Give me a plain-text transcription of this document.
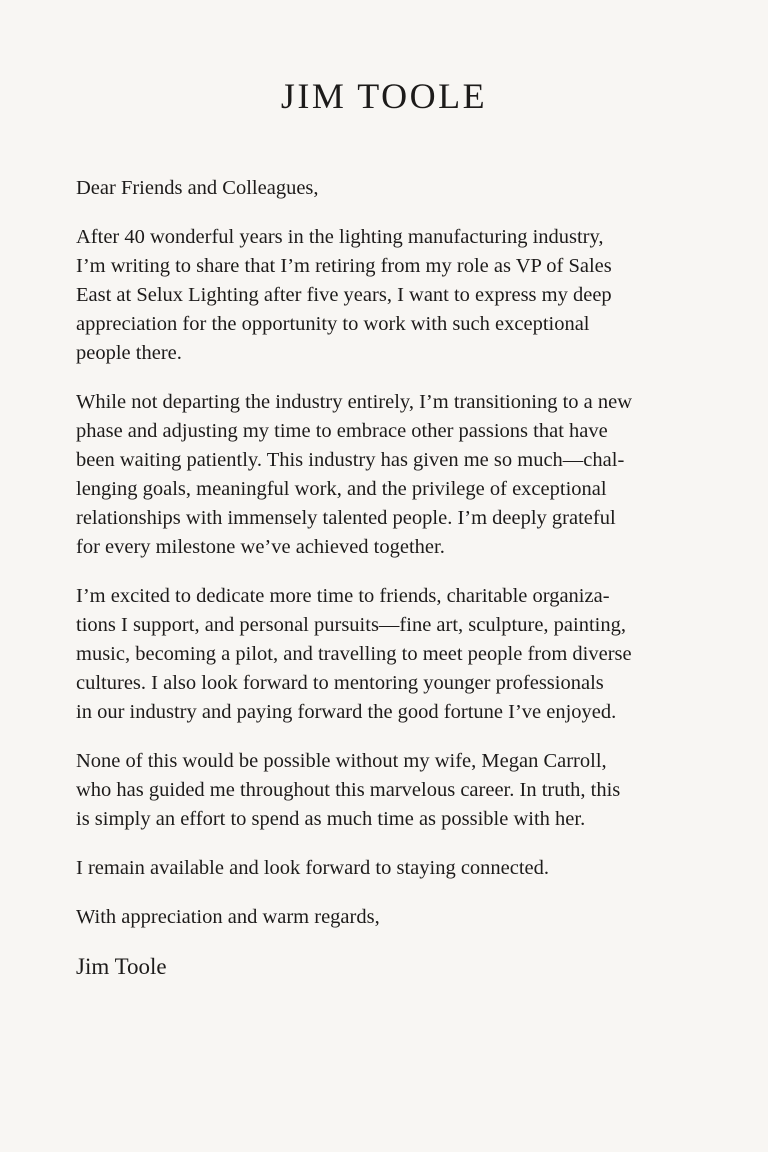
JIM TOOLE

Dear Friends and Colleagues,

After 40 wonderful years in the lighting manufacturing industry,
I’m writing to share that I’m retiring from my role as VP of Sales
East at Selux Lighting after five years, I want to express my deep
appreciation for the opportunity to work with such exceptional
people there.

While not departing the industry entirely, I’m transitioning to a new
phase and adjusting my time to embrace other passions that have
been waiting patiently. This industry has given me so much—chal-
lenging goals, meaningful work, and the privilege of exceptional
relationships with immensely talented people. I’m deeply grateful
for every milestone we’ve achieved together.

I’m excited to dedicate more time to friends, charitable organiza-
tions I support, and personal pursuits—fine art, sculpture, painting,
music, becoming a pilot, and travelling to meet people from diverse
cultures. I also look forward to mentoring younger professionals
in our industry and paying forward the good fortune I’ve enjoyed.

None of this would be possible without my wife, Megan Carroll,
who has guided me throughout this marvelous career. In truth, this
is simply an effort to spend as much time as possible with her.

I remain available and look forward to staying connected.

With appreciation and warm regards,

Jim Toole
